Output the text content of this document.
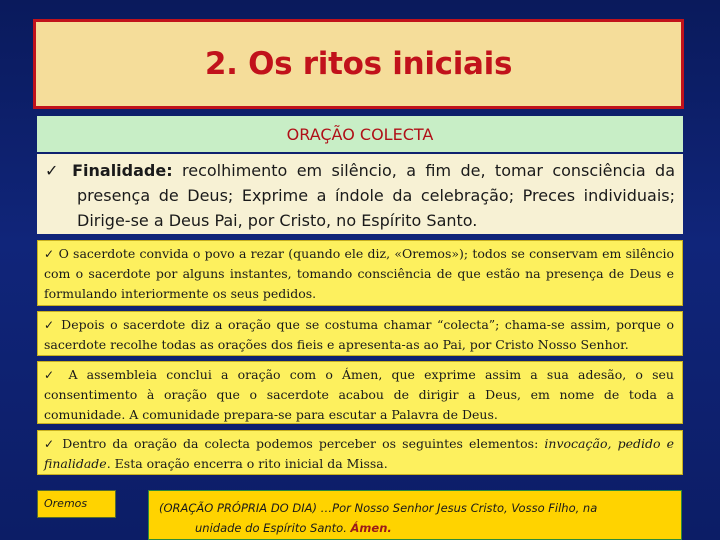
2. Os ritos iniciais
ORAÇÃO COLECTA

✓ Finalidade: recolhimento em silêncio, a fim de, tomar consciência da presença de Deus; Exprime a índole da celebração; Preces individuais; Dirige-se a Deus Pai, por Cristo, no Espírito Santo.

✓ O sacerdote convida o povo a rezar (quando ele diz, «Oremos»); todos se conservam em silêncio com o sacerdote por alguns instantes, tomando consciência de que estão na presença de Deus e formulando interiormente os seus pedidos.

✓ Depois o sacerdote diz a oração que se costuma chamar “colecta”; chama-se assim, porque o sacerdote recolhe todas as orações dos fieis e apresenta-as ao Pai, por Cristo Nosso Senhor.

✓ A assembleia conclui a oração com o Ámen, que exprime assim a sua adesão, o seu consentimento à oração que o sacerdote acabou de dirigir a Deus, em nome de toda a comunidade. A comunidade prepara-se para escutar a Palavra de Deus.

✓ Dentro da oração da colecta podemos perceber os seguintes elementos: invocação, pedido e finalidade. Esta oração encerra o rito inicial da Missa.

Oremos	(ORAÇÃO PRÓPRIA DO DIA) …Por Nosso Senhor Jesus Cristo, Vosso Filho, na

unidade do Espírito Santo. Ámen.
